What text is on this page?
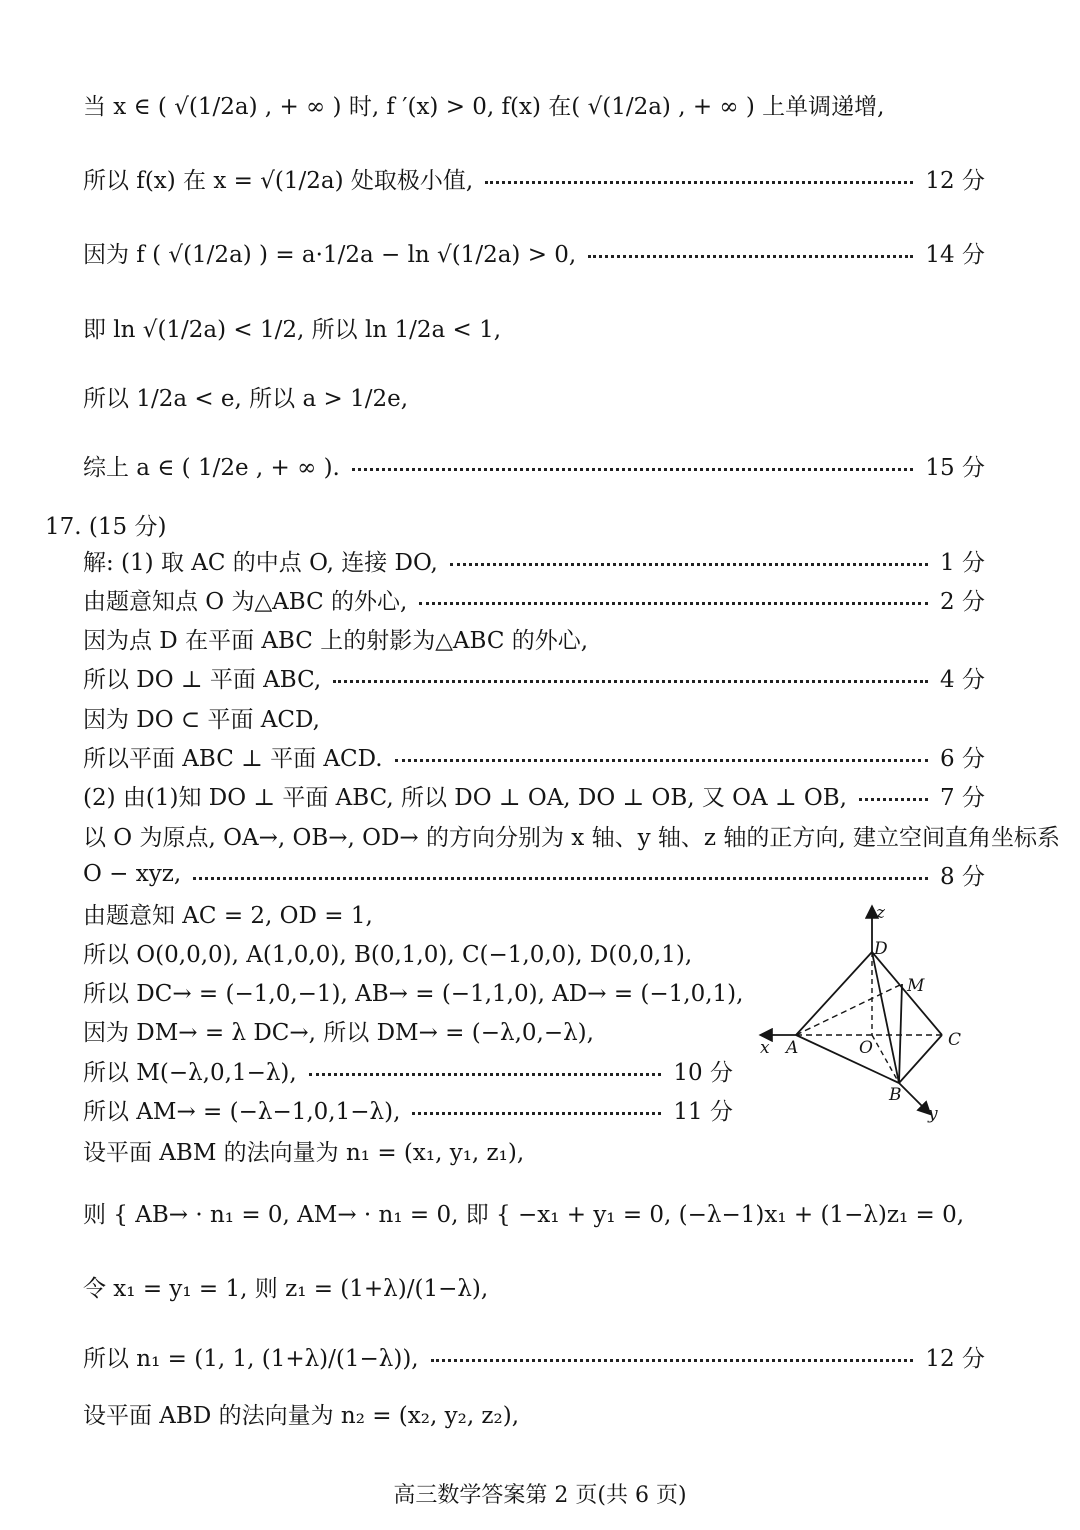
当 x ∈ ( √(1/2a) , + ∞ ) 时, f ′(x) > 0, f(x) 在( √(1/2a) , + ∞ ) 上单调递增,
所以 f(x) 在 x = √(1/2a) 处取极小值,	12 分
因为 f ( √(1/2a) ) = a·1/2a − ln √(1/2a) > 0,	14 分
即 ln √(1/2a) < 1/2, 所以 ln 1/2a < 1,
所以 1/2a < e, 所以 a > 1/2e,
综上 a ∈ ( 1/2e , + ∞ ).	15 分
17. (15 分)
解: (1) 取 AC 的中点 O, 连接 DO,	1 分
由题意知点 O 为△ABC 的外心,	2 分
因为点 D 在平面 ABC 上的射影为△ABC 的外心,
所以 DO ⊥ 平面 ABC,	4 分
因为 DO ⊂ 平面 ACD,
所以平面 ABC ⊥ 平面 ACD.	6 分
(2) 由(1)知 DO ⊥ 平面 ABC, 所以 DO ⊥ OA, DO ⊥ OB, 又 OA ⊥ OB,	7 分
以 O 为原点, OA→, OB→, OD→ 的方向分别为 x 轴、y 轴、z 轴的正方向, 建立空间直角坐标系
O − xyz,	8 分
由题意知 AC = 2, OD = 1,
所以 O(0,0,0), A(1,0,0), B(0,1,0), C(−1,0,0), D(0,0,1),
所以 DC→ = (−1,0,−1), AB→ = (−1,1,0), AD→ = (−1,0,1),
因为 DM→ = λ DC→, 所以 DM→ = (−λ,0,−λ),
所以 M(−λ,0,1−λ),	10 分
所以 AM→ = (−λ−1,0,1−λ),	11 分
设平面 ABM 的法向量为 n₁ = (x₁, y₁, z₁),
则 { AB→ · n₁ = 0, AM→ · n₁ = 0, 即 { −x₁ + y₁ = 0, (−λ−1)x₁ + (1−λ)z₁ = 0,
令 x₁ = y₁ = 1, 则 z₁ = (1+λ)/(1−λ),
所以 n₁ = (1, 1, (1+λ)/(1−λ)),	12 分
设平面 ABD 的法向量为 n₂ = (x₂, y₂, z₂),
z
D
M
x A	O	C
B
y
高三数学答案第 2 页(共 6 页)
